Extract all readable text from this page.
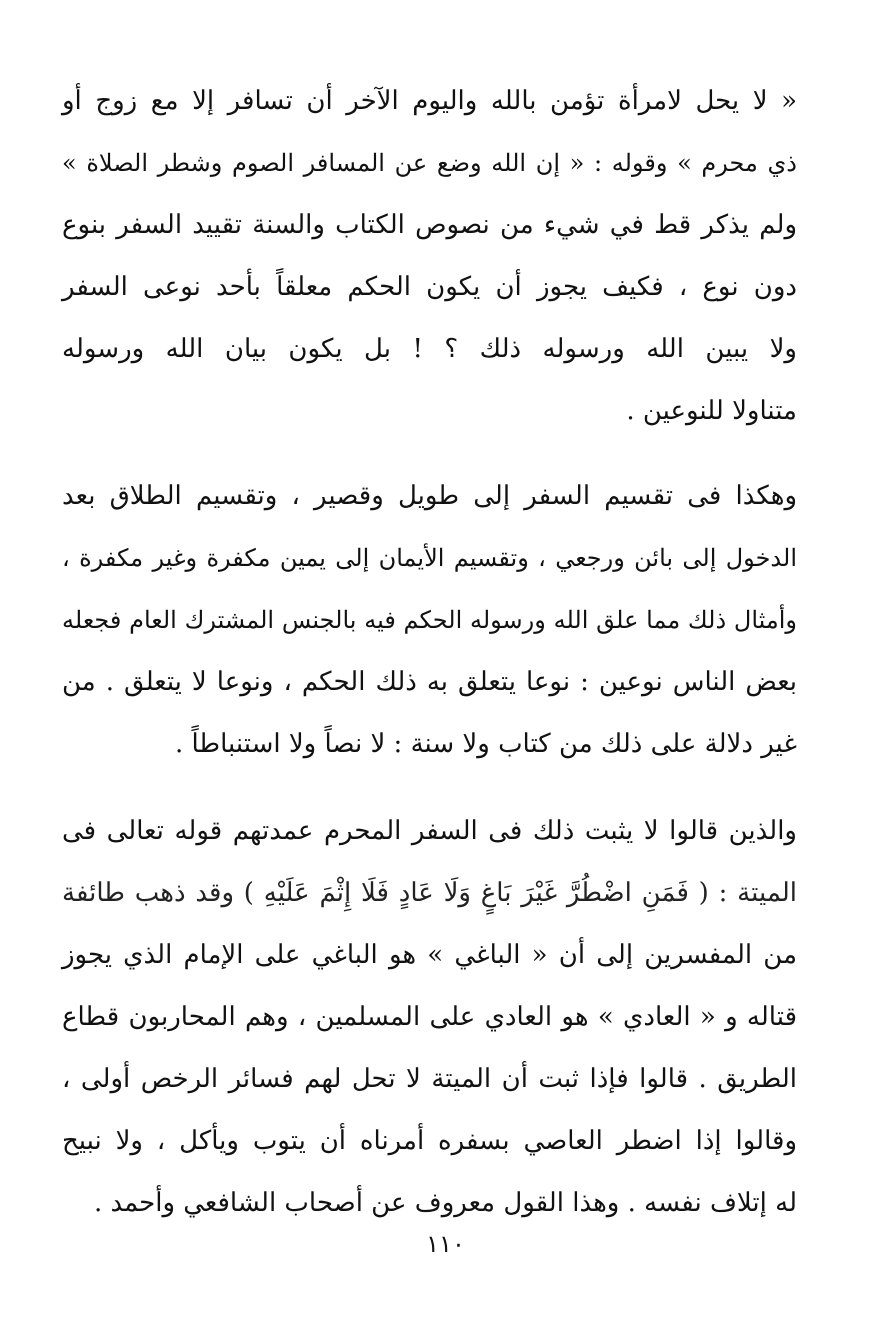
« لا يحل لامرأة تؤمن بالله واليوم الآخر أن تسافر إلا مع زوج أو
ذي محرم » وقوله : « إن الله وضع عن المسافر الصوم وشطر الصلاة »
ولم يذكر قط في شيء من نصوص الكتاب والسنة تقييد السفر بنوع
دون نوع ، فكيف يجوز أن يكون الحكم معلقاً بأحد نوعى السفر
ولا يبين الله ورسوله ذلك ؟ ! بل يكون بيان الله ورسوله
متناولا للنوعين .
وهكذا فى تقسيم السفر إلى طويل وقصير ، وتقسيم الطلاق بعد
الدخول إلى بائن ورجعي ، وتقسيم الأيمان إلى يمين مكفرة وغير مكفرة ،
وأمثال ذلك مما علق الله ورسوله الحكم فيه بالجنس المشترك العام فجعله
بعض الناس نوعين : نوعا يتعلق به ذلك الحكم ، ونوعا لا يتعلق . من
غير دلالة على ذلك من كتاب ولا سنة : لا نصاً ولا استنباطاً .
والذين قالوا لا يثبت ذلك فى السفر المحرم عمدتهم قوله تعالى فى
الميتة : ( فَمَنِ اضْطُرَّ غَيْرَ بَاغٍ وَلَا عَادٍ فَلَا إِثْمَ عَلَيْهِ ) وقد ذهب طائفة
من المفسرين إلى أن « الباغي » هو الباغي على الإمام الذي يجوز
قتاله و « العادي » هو العادي على المسلمين ، وهم المحاربون قطاع
الطريق . قالوا فإذا ثبت أن الميتة لا تحل لهم فسائر الرخص أولى ،
وقالوا إذا اضطر العاصي بسفره أمرناه أن يتوب ويأكل ، ولا نبيح
له إتلاف نفسه . وهذا القول معروف عن أصحاب الشافعي وأحمد .
١١٠
